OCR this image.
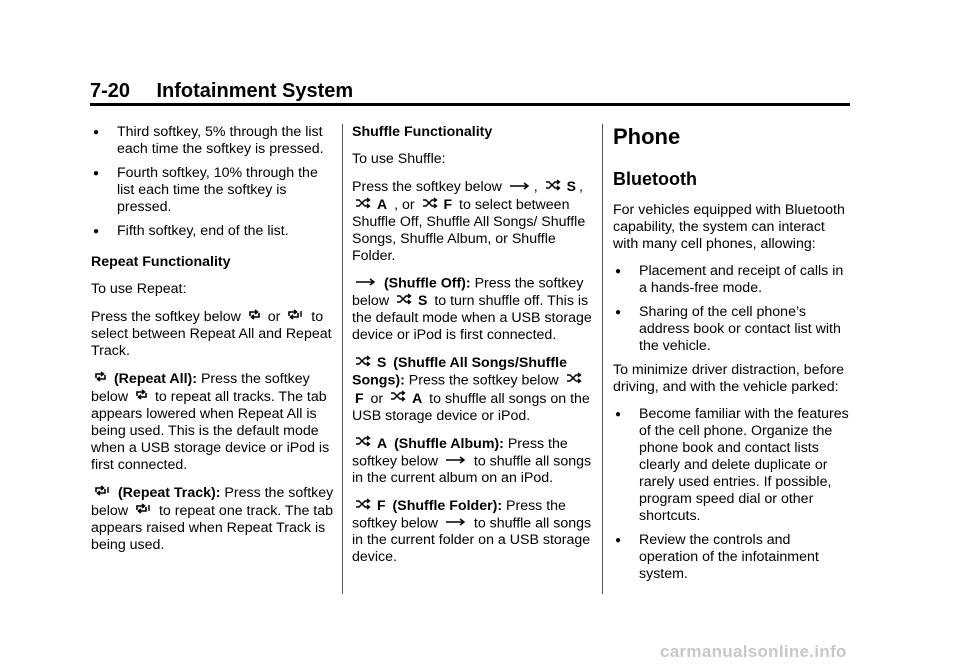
7-20 Infotainment System
●	Third softkey, 5% through the list each time the softkey is pressed.
●	Fourth softkey, 10% through the list each time the softkey is pressed.
●	Fifth softkey, end of the list.
Repeat Functionality

To use Repeat:

Press the softkey below or to select between Repeat All and Repeat Track.

(Repeat All): Press the softkey below to repeat all tracks. The tab appears lowered when Repeat All is being used. This is the default mode when a USB storage device or iPod is first connected.

(Repeat Track): Press the softkey below to repeat one track. The tab appears raised when Repeat Track is being used.

Shuffle Functionality

To use Shuffle:

Press the softkey below , S , A , or F to select between Shuffle Off, Shuffle All Songs/ Shuffle Songs, Shuffle Album, or Shuffle Folder.

(Shuffle Off): Press the softkey below S to turn shuffle off. This is the default mode when a USB storage device or iPod is first connected.

S (Shuffle All Songs/Shuffle Songs): Press the softkey below F or A to shuffle all songs on the USB storage device or iPod.

A (Shuffle Album): Press the softkey below	to shuffle all songs in the current album on an iPod.

F (Shuffle Folder): Press the softkey below	to shuffle all songs in the current folder on a USB storage device.

Phone
Bluetooth

For vehicles equipped with Bluetooth capability, the system can interact with many cell phones, allowing:

●	Placement and receipt of calls in a hands-free mode.
●	Sharing of the cell phone’s address book or contact list with the vehicle.

To minimize driver distraction, before driving, and with the vehicle parked:

●	Become familiar with the features of the cell phone. Organize the phone book and contact lists clearly and delete duplicate or rarely used entries. If possible, program speed dial or other shortcuts.
●	Review the controls and operation of the infotainment system.
carmanualsonline.info
